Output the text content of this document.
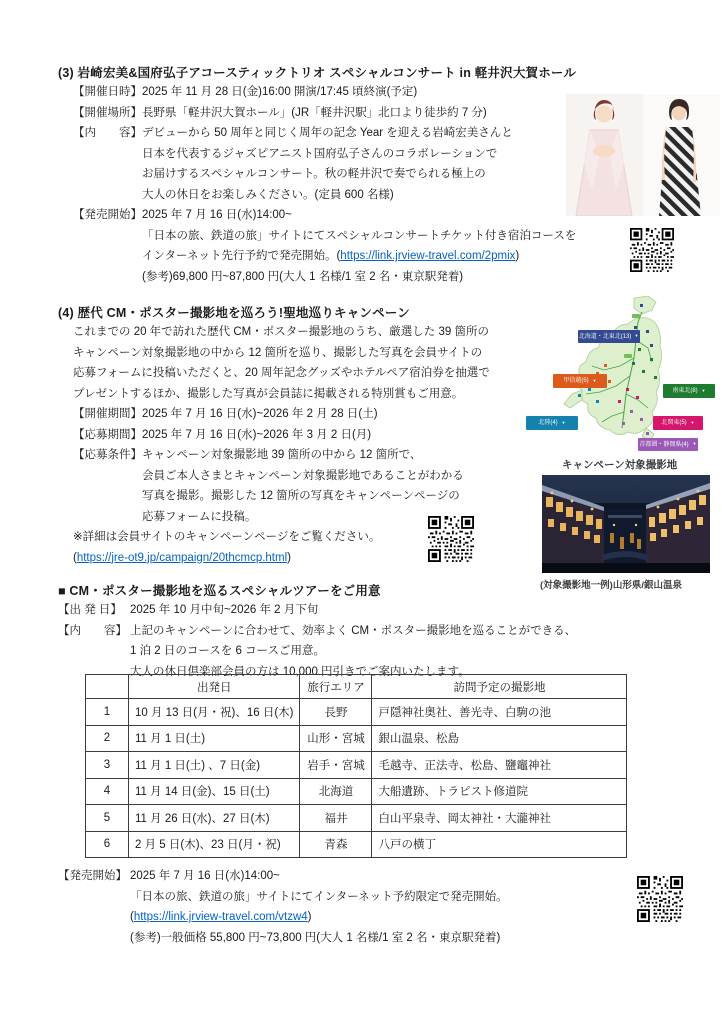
(3) 岩崎宏美&国府弘子アコースティックトリオ スペシャルコンサート in 軽井沢大賀ホール
【開催日時】 2025 年 11 月 28 日(金)16:00 開演/17:45 頃終演(予定)
【開催場所】 長野県「軽井沢大賀ホール」(JR「軽井沢駅」北口より徒歩約 7 分)
【内　　容】 デビューから 50 周年と同じく周年の記念 Year を迎える岩崎宏美さんと
日本を代表するジャズピアニスト国府弘子さんのコラボレーションで
お届けするスペシャルコンサート。秋の軽井沢で奏でられる極上の
大人の休日をお楽しみください。(定員 600 名様)
【発売開始】 2025 年 7 月 16 日(水)14:00~
「日本の旅、鉄道の旅」サイトにてスペシャルコンサートチケット付き宿泊コースを
インターネット先行予約で発売開始。(https://link.jrview-travel.com/2pmix)
(参考)69,800 円~87,800 円(大人 1 名様/1 室 2 名・東京駅発着)
(4) 歴代 CM・ポスター撮影地を巡ろう!聖地巡りキャンペーン
これまでの 20 年で訪れた歴代 CM・ポスター撮影地のうち、厳選した 39 箇所の
キャンペーン対象撮影地の中から 12 箇所を巡り、撮影した写真を会員サイトの
応募フォームに投稿いただくと、20 周年記念グッズやホテルペア宿泊券を抽選で
プレゼントするほか、撮影した写真が会員誌に掲載される特別賞もご用意。
【開催期間】 2025 年 7 月 16 日(水)~2026 年 2 月 28 日(土)
【応募期間】 2025 年 7 月 16 日(水)~2026 年 3 月 2 日(月)
【応募条件】 キャンペーン対象撮影地 39 箇所の中から 12 箇所で、
会員ご本人さまとキャンペーン対象撮影地であることがわかる
写真を撮影。撮影した 12 箇所の写真をキャンペーンページの
応募フォームに投稿。
※詳細は会員サイトのキャンペーンページをご覧ください。
(https://jre-ot9.jp/campaign/20thcmcp.html)
北海道・北東北(13) ▼
甲信越(5) ▼
南東北(8) ▼
北陸(4) ▼	北関東(5) ▼
首都圏・静岡県(4) ▼
キャンペーン対象撮影地
(対象撮影地一例)山形県/銀山温泉
■ CM・ポスター撮影地を巡るスペシャルツアーをご用意
【出 発 日】 2025 年 10 月中旬~2026 年 2 月下旬
【内　　容】 上記のキャンペーンに合わせて、効率よく CM・ポスター撮影地を巡ることができる、
1 泊 2 日のコースを 6 コースご用意。
大人の休日倶楽部会員の方は 10,000 円引きでご案内いたします。
	出発日	旅行エリア	訪問予定の撮影地
1	10 月 13 日(月・祝)、16 日(木)	長野	戸隠神社奥社、善光寺、白駒の池
2	11 月 1 日(土)	山形・宮城	銀山温泉、松島
3	11 月 1 日(土) 、7 日(金)	岩手・宮城	毛越寺、正法寺、松島、鹽竈神社
4	11 月 14 日(金)、15 日(土)	北海道	大船遺跡、トラピスト修道院
5	11 月 26 日(水)、27 日(木)	福井	白山平泉寺、岡太神社・大瀧神社
6	2 月 5 日(木)、23 日(月・祝)	青森	八戸の横丁
【発売開始】 2025 年 7 月 16 日(水)14:00~
「日本の旅、鉄道の旅」サイトにてインターネット予約限定で発売開始。
(https://link.jrview-travel.com/vtzw4)
(参考)一般価格 55,800 円~73,800 円(大人 1 名様/1 室 2 名・東京駅発着)
